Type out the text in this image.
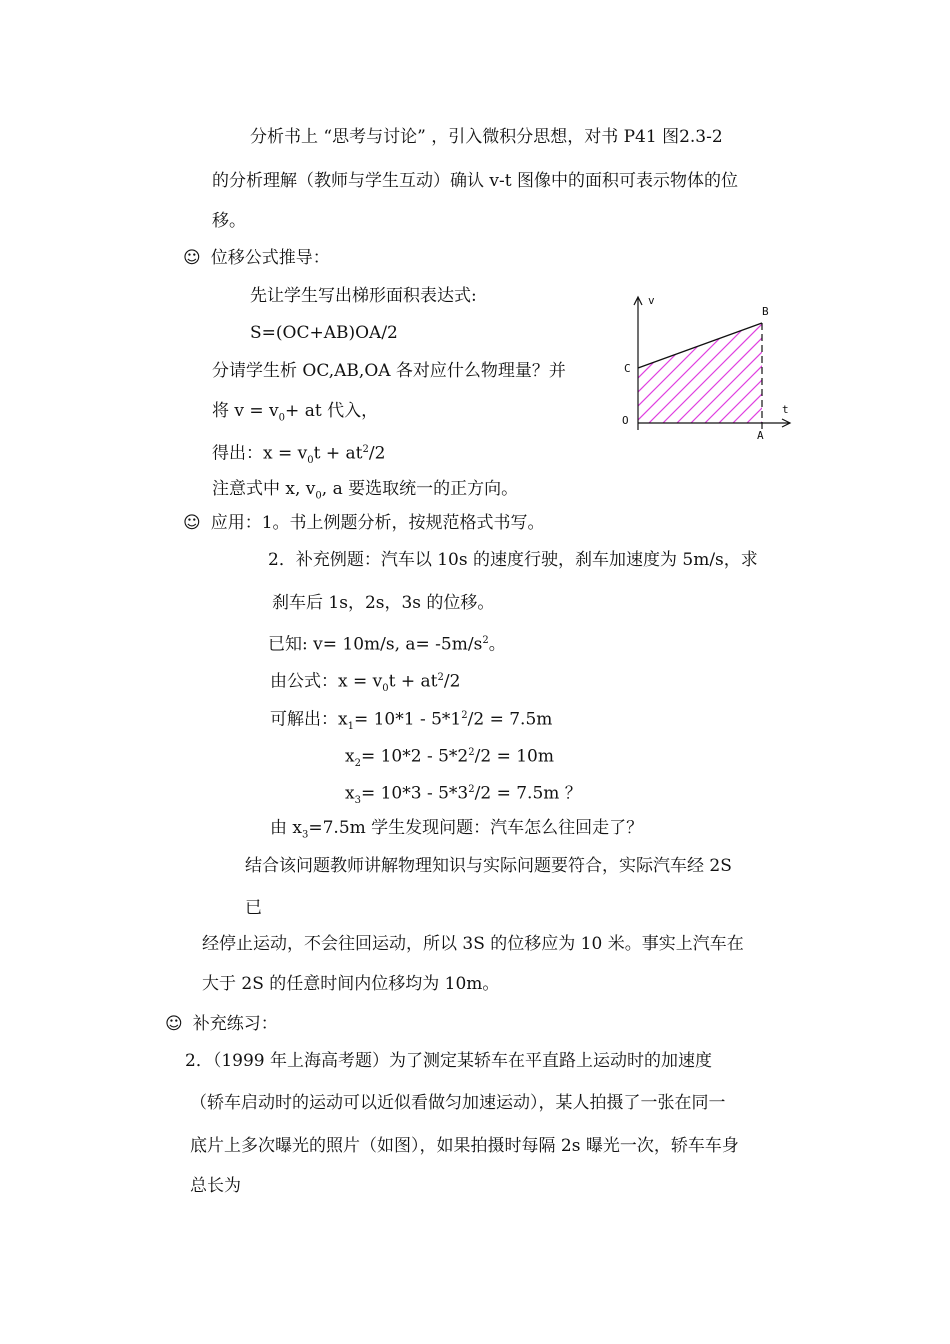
分析书上 “思考与讨论” ，引入微积分思想，对书 P41 图2.3-2
的分析理解（教师与学生互动）确认 v-t 图像中的面积可表示物体的位
移。
☺ 位移公式推导：
先让学生写出梯形面积表达式:
S=(OC+AB)OA/2
分请学生析 OC,AB,OA 各对应什么物理量？并
将 $v = v_0+$ at 代入，
得出：$x = v_0t + at^2/2$
注意式中 x, $v_0$, a 要选取统一的正方向。
v
t
B
C
O
A
☺ 应用：1。书上例题分析，按规范格式书写。
2．补充例题：汽车以 10s 的速度行驶，刹车加速度为 5m/s，求
刹车后 1s，2s，3s 的位移。
已知: v= 10m/s, $a= -5m/s^2$。
由公式：$x = v_0t + at^2/2$
可解出：$x_1= 10*1 - 5*1^2/2 = 7.5m$
$x_2= 10*2 - 5*2^2/2 = 10m$
$x_3= 10*3 - 5*3^2/2 = 7.5m$ ？
由 $x_3=7.5m$ 学生发现问题：汽车怎么往回走了？
结合该问题教师讲解物理知识与实际问题要符合，实际汽车经 2S
已
经停止运动，不会往回运动，所以 3S 的位移应为 10 米。事实上汽车在
大于 2S 的任意时间内位移均为 10m。
☺ 补充练习：
2．（1999 年上海高考题）为了测定某轿车在平直路上运动时的加速度
（轿车启动时的运动可以近似看做匀加速运动），某人拍摄了一张在同一
底片上多次曝光的照片（如图），如果拍摄时每隔 2s 曝光一次，轿车车身
总长为
